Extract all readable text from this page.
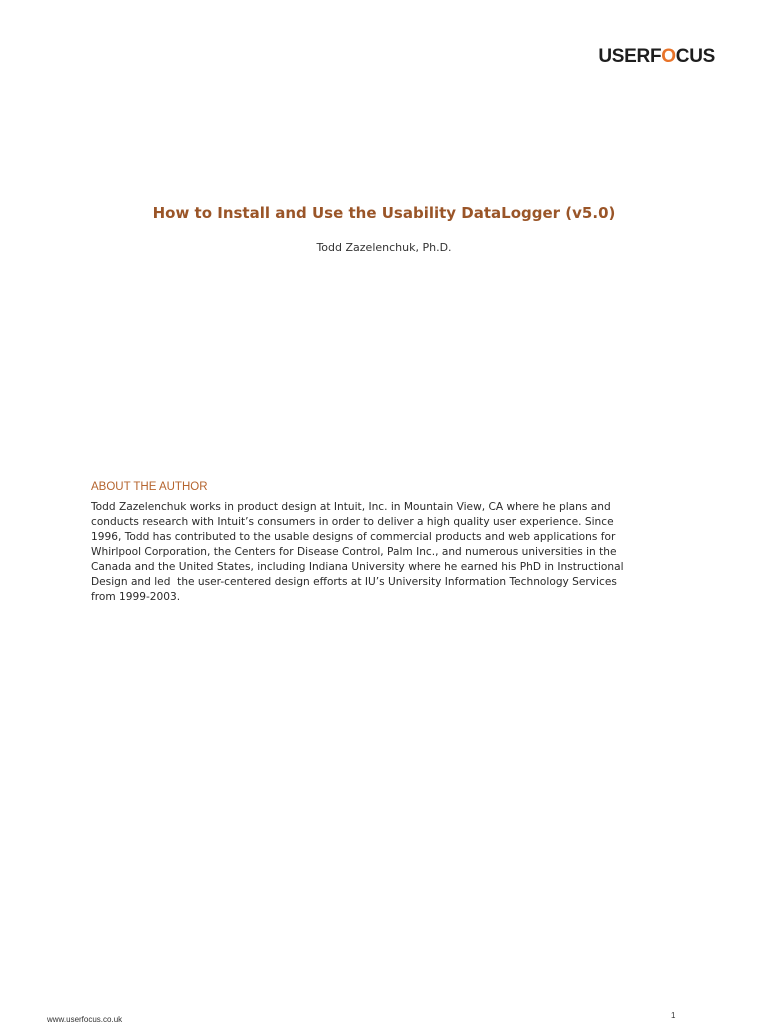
USERFOCUS
How to Install and Use the Usability DataLogger (v5.0)
Todd Zazelenchuk, Ph.D.
ABOUT THE AUTHOR
Todd Zazelenchuk works in product design at Intuit, Inc. in Mountain View, CA where he plans and
conducts research with Intuit’s consumers in order to deliver a high quality user experience. Since
1996, Todd has contributed to the usable designs of commercial products and web applications for
Whirlpool Corporation, the Centers for Disease Control, Palm Inc., and numerous universities in the
Canada and the United States, including Indiana University where he earned his PhD in Instructional
Design and led  the user-centered design efforts at IU’s University Information Technology Services
from 1999-2003.
www.userfocus.co.uk	1
